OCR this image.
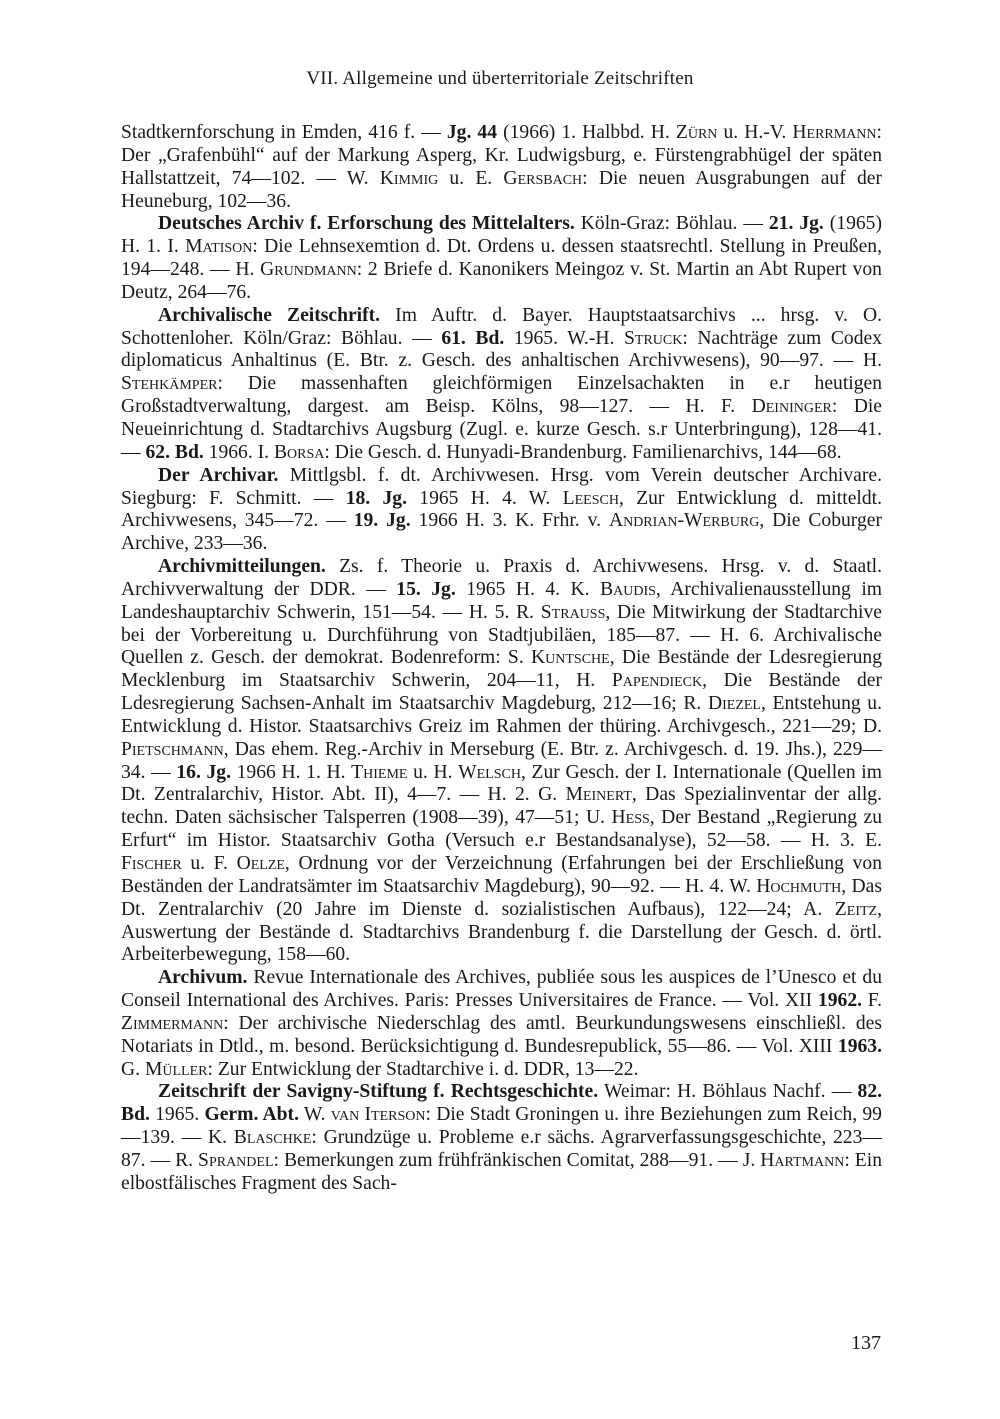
VII. Allgemeine und überterritoriale Zeitschriften

Stadtkernforschung in Emden, 416 f. — Jg. 44 (1966) 1. Halbbd. H. Zürn u. H.-V. Herrmann: Der „Grafenbühl“ auf der Markung Asperg, Kr. Ludwigsburg, e. Fürstengrabhügel der späten Hallstattzeit, 74—102. — W. Kimmig u. E. Gersbach: Die neuen Ausgrabungen auf der Heuneburg, 102—36.

Deutsches Archiv f. Erforschung des Mittelalters. Köln-Graz: Böhlau. — 21. Jg. (1965) H. 1. I. Matison: Die Lehnsexemtion d. Dt. Ordens u. dessen staatsrechtl. Stellung in Preußen, 194—248. — H. Grundmann: 2 Briefe d. Kanonikers Meingoz v. St. Martin an Abt Rupert von Deutz, 264—76.

Archivalische Zeitschrift. Im Auftr. d. Bayer. Hauptstaatsarchivs ... hrsg. v. O. Schottenloher. Köln/Graz: Böhlau. — 61. Bd. 1965. W.-H. Struck: Nachträge zum Codex diplomaticus Anhaltinus (E. Btr. z. Gesch. des anhaltischen Archivwesens), 90—97. — H. Stehkämper: Die massenhaften gleichförmigen Einzelsachakten in e.r heutigen Großstadtverwaltung, dargest. am Beisp. Kölns, 98—127. — H. F. Deininger: Die Neueinrichtung d. Stadtarchivs Augsburg (Zugl. e. kurze Gesch. s.r Unterbringung), 128—41. — 62. Bd. 1966. I. Borsa: Die Gesch. d. Hunyadi-Brandenburg. Familienarchivs, 144—68.

Der Archivar. Mittlgsbl. f. dt. Archivwesen. Hrsg. vom Verein deutscher Archivare. Siegburg: F. Schmitt. — 18. Jg. 1965 H. 4. W. Leesch, Zur Entwicklung d. mitteldt. Archivwesens, 345—72. — 19. Jg. 1966 H. 3. K. Frhr. v. Andrian-Werburg, Die Coburger Archive, 233—36.

Archivmitteilungen. Zs. f. Theorie u. Praxis d. Archivwesens. Hrsg. v. d. Staatl. Archivverwaltung der DDR. — 15. Jg. 1965 H. 4. K. Baudis, Archivalienausstellung im Landeshauptarchiv Schwerin, 151—54. — H. 5. R. Strauss, Die Mitwirkung der Stadtarchive bei der Vorbereitung u. Durchführung von Stadtjubiläen, 185—87. — H. 6. Archivalische Quellen z. Gesch. der demokrat. Bodenreform: S. Kuntsche, Die Bestände der Ldesregierung Mecklenburg im Staatsarchiv Schwerin, 204—11, H. Papendieck, Die Bestände der Ldesregierung Sachsen-Anhalt im Staatsarchiv Magdeburg, 212—16; R. Diezel, Entstehung u. Entwicklung d. Histor. Staatsarchivs Greiz im Rahmen der thüring. Archivgesch., 221—29; D. Pietschmann, Das ehem. Reg.-Archiv in Merseburg (E. Btr. z. Archivgesch. d. 19. Jhs.), 229—34. — 16. Jg. 1966 H. 1. H. Thieme u. H. Welsch, Zur Gesch. der I. Internationale (Quellen im Dt. Zentralarchiv, Histor. Abt. II), 4—7. — H. 2. G. Meinert, Das Spezialinventar der allg. techn. Daten sächsischer Talsperren (1908—39), 47—51; U. Hess, Der Bestand „Regierung zu Erfurt“ im Histor. Staatsarchiv Gotha (Versuch e.r Bestandsanalyse), 52—58. — H. 3. E. Fischer u. F. Oelze, Ordnung vor der Verzeichnung (Erfahrungen bei der Erschließung von Beständen der Landratsämter im Staatsarchiv Magdeburg), 90—92. — H. 4. W. Hochmuth, Das Dt. Zentralarchiv (20 Jahre im Dienste d. sozialistischen Aufbaus), 122—24; A. Zeitz, Auswertung der Bestände d. Stadtarchivs Brandenburg f. die Darstellung der Gesch. d. örtl. Arbeiterbewegung, 158—60.

Archivum. Revue Internationale des Archives, publiée sous les auspices de l’Unesco et du Conseil International des Archives. Paris: Presses Universitaires de France. — Vol. XII 1962. F. Zimmermann: Der archivische Niederschlag des amtl. Beurkundungswesens einschließl. des Notariats in Dtld., m. besond. Berücksichtigung d. Bundesrepublick, 55—86. — Vol. XIII 1963. G. Müller: Zur Entwicklung der Stadtarchive i. d. DDR, 13—22.

Zeitschrift der Savigny-Stiftung f. Rechtsgeschichte. Weimar: H. Böhlaus Nachf. — 82. Bd. 1965. Germ. Abt. W. van Iterson: Die Stadt Groningen u. ihre Beziehungen zum Reich, 99—139. — K. Blaschke: Grundzüge u. Probleme e.r sächs. Agrarverfassungsgeschichte, 223—87. — R. Sprandel: Bemerkungen zum frühfränkischen Comitat, 288—91. — J. Hartmann: Ein elbostfälisches Fragment des Sach-

137
